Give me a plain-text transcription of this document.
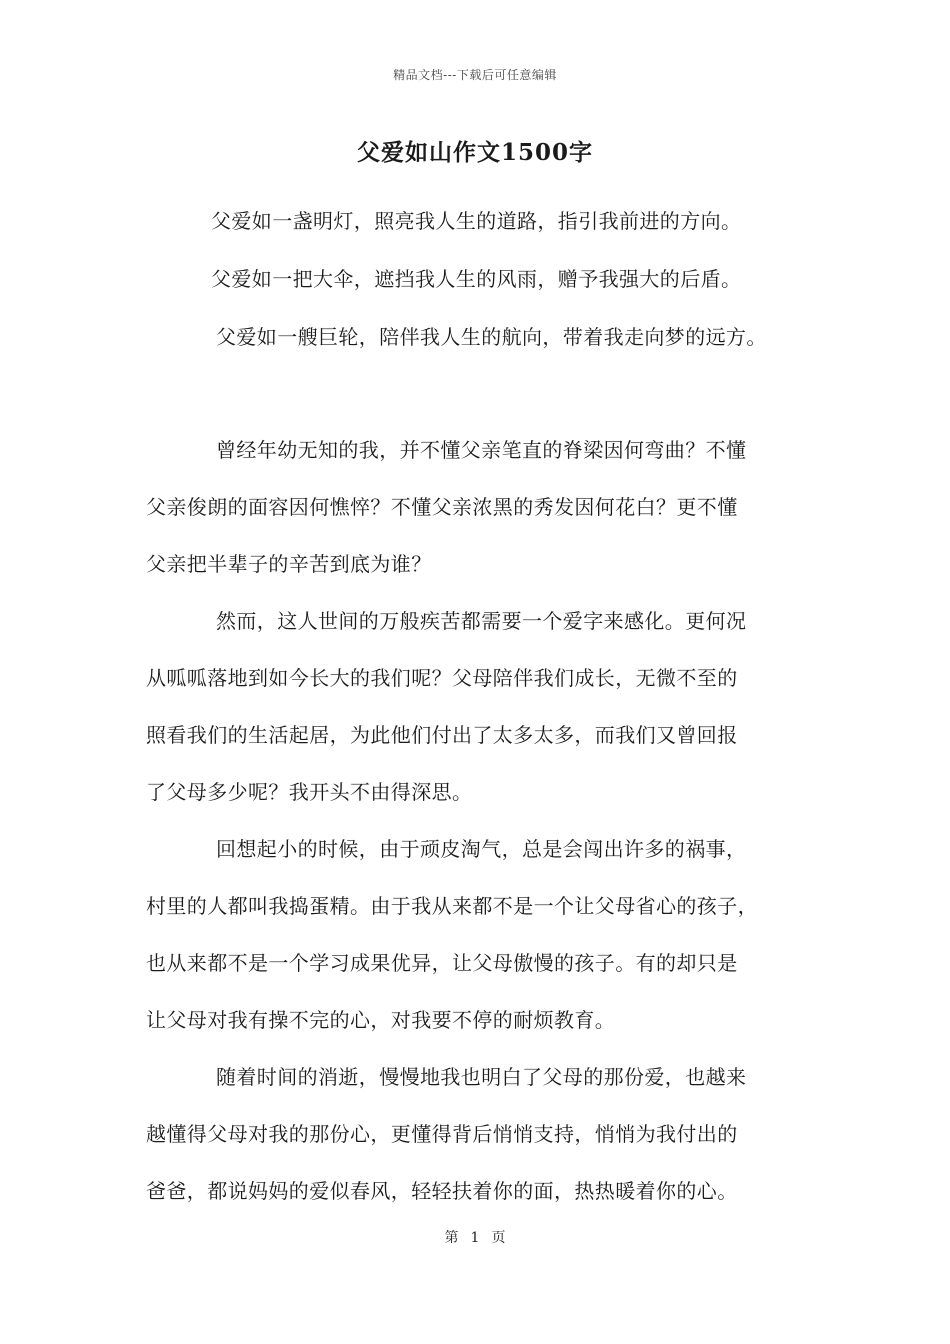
精品文档---下载后可任意编辑
父爱如山作文1500字
父爱如一盏明灯，照亮我人生的道路，指引我前进的方向。
父爱如一把大伞，遮挡我人生的风雨，赠予我强大的后盾。
父爱如一艘巨轮，陪伴我人生的航向，带着我走向梦的远方。
曾经年幼无知的我，并不懂父亲笔直的脊梁因何弯曲？不懂
父亲俊朗的面容因何憔悴？不懂父亲浓黑的秀发因何花白？更不懂
父亲把半辈子的辛苦到底为谁？
然而，这人世间的万般疾苦都需要一个爱字来感化。更何况
从呱呱落地到如今长大的我们呢？父母陪伴我们成长，无微不至的
照看我们的生活起居，为此他们付出了太多太多，而我们又曾回报
了父母多少呢？我开头不由得深思。
回想起小的时候，由于顽皮淘气，总是会闯出许多的祸事，
村里的人都叫我捣蛋精。由于我从来都不是一个让父母省心的孩子，
也从来都不是一个学习成果优异，让父母傲慢的孩子。有的却只是
让父母对我有操不完的心，对我要不停的耐烦教育。
随着时间的消逝，慢慢地我也明白了父母的那份爱，也越来
越懂得父母对我的那份心，更懂得背后悄悄支持，悄悄为我付出的
爸爸，都说妈妈的爱似春风，轻轻扶着你的面，热热暖着你的心。
第 1 页
